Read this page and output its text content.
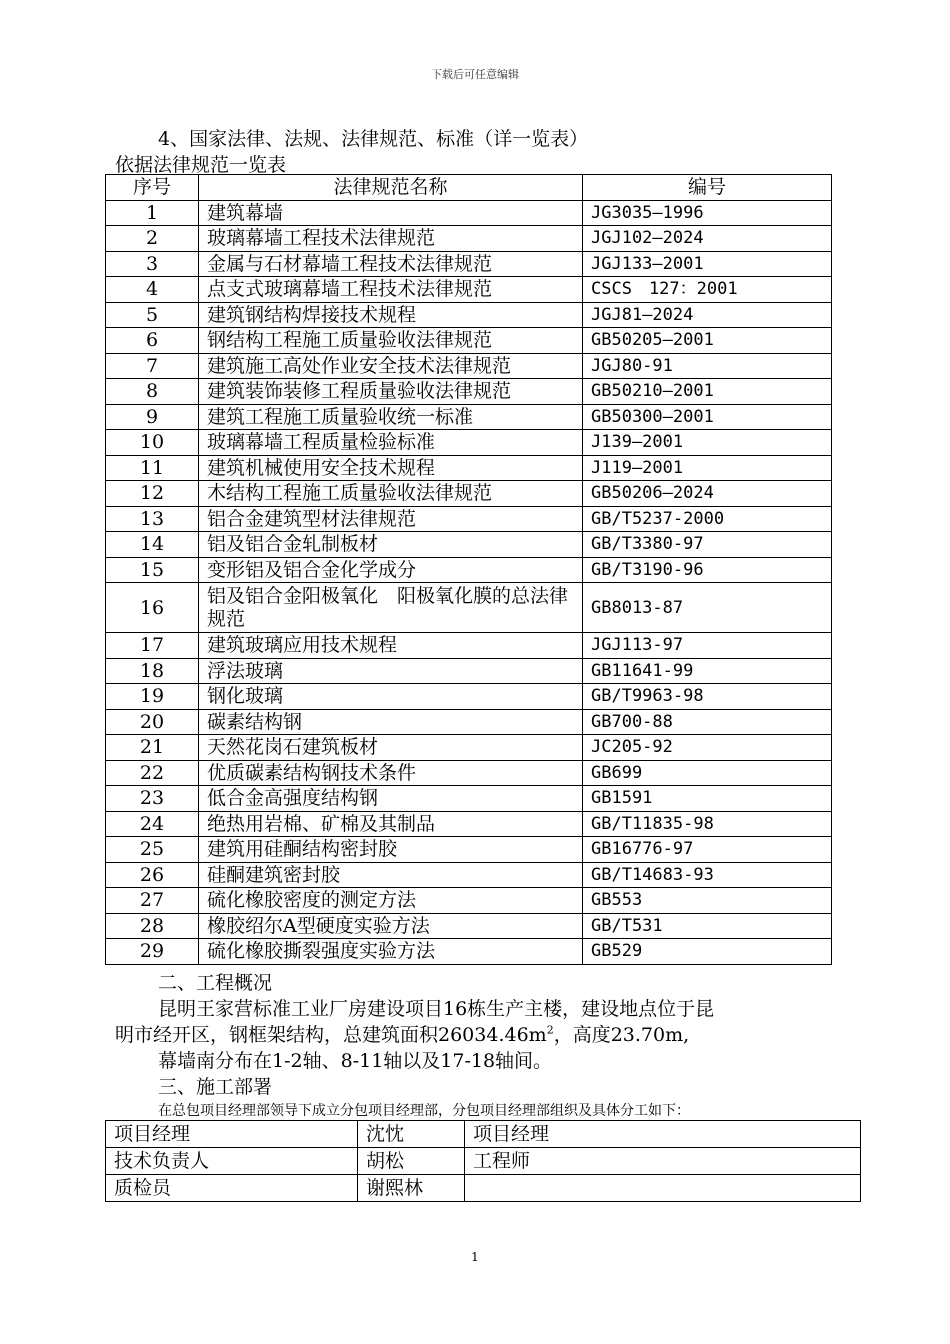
下载后可任意编辑
4、国家法律、法规、法律规范、标准（详一览表）
依据法律规范一览表
序号	法律规范名称	编号
1	建筑幕墙	JG3035—1996
2	玻璃幕墙工程技术法律规范	JGJ102—2024
3	金属与石材幕墙工程技术法律规范	JGJ133—2001
4	点支式玻璃幕墙工程技术法律规范	CSCS　127：2001
5	建筑钢结构焊接技术规程	JGJ81—2024
6	钢结构工程施工质量验收法律规范	GB50205—2001
7	建筑施工高处作业安全技术法律规范	JGJ80-91
8	建筑装饰装修工程质量验收法律规范	GB50210—2001
9	建筑工程施工质量验收统一标准	GB50300—2001
10	玻璃幕墙工程质量检验标准	J139—2001
11	建筑机械使用安全技术规程	J119—2001
12	木结构工程施工质量验收法律规范	GB50206—2024
13	铝合金建筑型材法律规范	GB/T5237-2000
14	铝及铝合金轧制板材	GB/T3380-97
15	变形铝及铝合金化学成分	GB/T3190-96
16	铝及铝合金阳极氧化　阳极氧化膜的总法律规范	GB8013-87
17	建筑玻璃应用技术规程	JGJ113-97
18	浮法玻璃	GB11641-99
19	钢化玻璃	GB/T9963-98
20	碳素结构钢	GB700-88
21	天然花岗石建筑板材	JC205-92
22	优质碳素结构钢技术条件	GB699
23	低合金高强度结构钢	GB1591
24	绝热用岩棉、矿棉及其制品	GB/T11835-98
25	建筑用硅酮结构密封胶	GB16776-97
26	硅酮建筑密封胶	GB/T14683-93
27	硫化橡胶密度的测定方法	GB553
28	橡胶绍尔A型硬度实验方法	GB/T531
29	硫化橡胶撕裂强度实验方法	GB529
二、工程概况
昆明王家营标准工业厂房建设项目16栋生产主楼，建设地点位于昆
明市经开区，钢框架结构，总建筑面积$26034.46m^2$，高度23.70m,
幕墙南分布在1-2轴、8-11轴以及17-18轴间。
三、施工部署
在总包项目经理部领导下成立分包项目经理部，分包项目经理部组织及具体分工如下：
项目经理	沈忱	项目经理
技术负责人	胡松	工程师
质检员	谢熙林	
1
